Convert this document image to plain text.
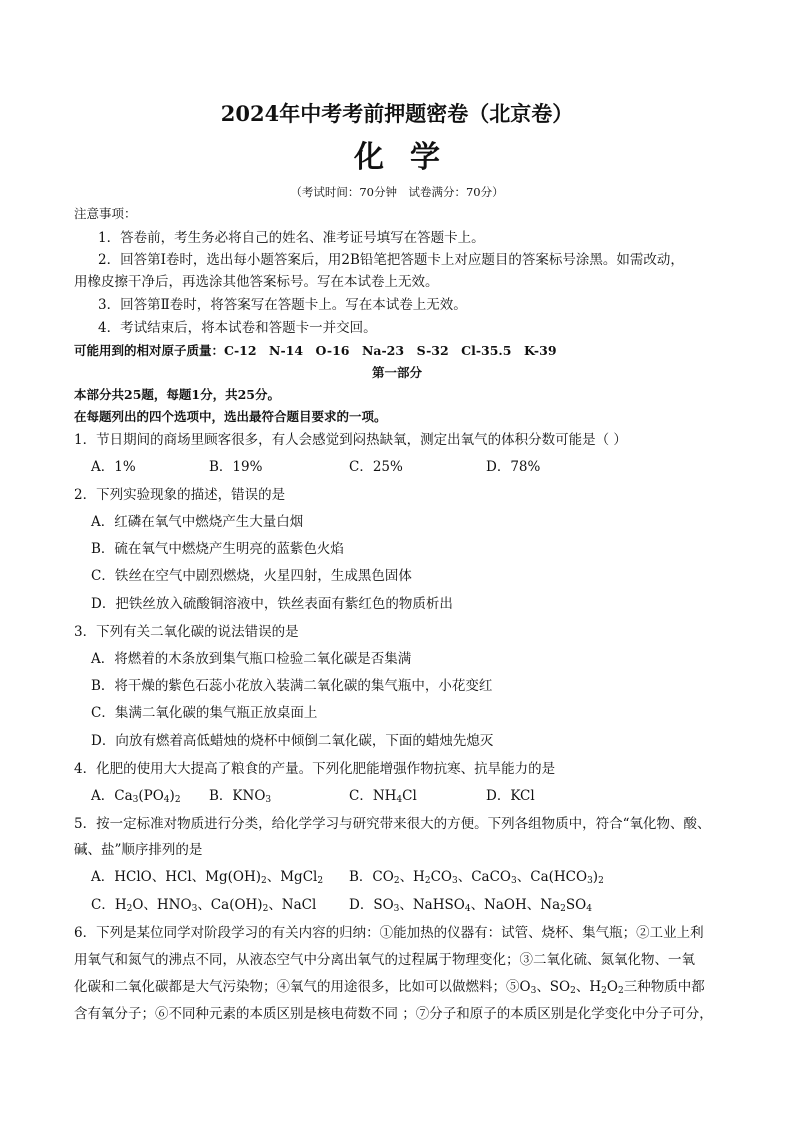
2024年中考考前押题密卷（北京卷）
化学
（考试时间：70分钟　试卷满分：70分）
注意事项：
1．答卷前，考生务必将自己的姓名、准考证号填写在答题卡上。
2．回答第Ⅰ卷时，选出每小题答案后，用2B铅笔把答题卡上对应题目的答案标号涂黑。如需改动，
用橡皮擦干净后，再选涂其他答案标号。写在本试卷上无效。
3．回答第Ⅱ卷时，将答案写在答题卡上。写在本试卷上无效。
4．考试结束后，将本试卷和答题卡一并交回。
可能用到的相对原子质量：C-12　N-14　O-16　Na-23　S-32　Cl-35.5　K-39
第一部分
本部分共25题，每题1分，共25分。
在每题列出的四个选项中，选出最符合题目要求的一项。
1．节日期间的商场里顾客很多，有人会感觉到闷热缺氧，测定出氧气的体积分数可能是（ ）
A．1%	B．19%	C．25%	D．78%
2．下列实验现象的描述，错误的是
A．红磷在氧气中燃烧产生大量白烟
B．硫在氧气中燃烧产生明亮的蓝紫色火焰
C．铁丝在空气中剧烈燃烧，火星四射，生成黑色固体
D．把铁丝放入硫酸铜溶液中，铁丝表面有紫红色的物质析出
3．下列有关二氧化碳的说法错误的是
A．将燃着的木条放到集气瓶口检验二氧化碳是否集满
B．将干燥的紫色石蕊小花放入装满二氧化碳的集气瓶中，小花变红
C．集满二氧化碳的集气瓶正放桌面上
D．向放有燃着高低蜡烛的烧杯中倾倒二氧化碳，下面的蜡烛先熄灭
4．化肥的使用大大提高了粮食的产量。下列化肥能增强作物抗寒、抗旱能力的是
A．$Ca_3(PO_4)_2$ B．$KNO_3$	C．$NH_4Cl$	D．KCl
5．按一定标准对物质进行分类，给化学学习与研究带来很大的方便。下列各组物质中，符合“氧化物、酸、
碱、盐”顺序排列的是
A．HClO、HCl、$Mg(OH)_2$、MgCl$_2$ B．$CO_2$、$H_2CO_3$、CaCO$_3$、$Ca(HCO_3)_2$
C．$H_2O$、$HNO_3$、$Ca(OH)_2$、NaCl D．$SO_3$、NaHSO$_4$、NaOH、$Na_2SO_4$
6．下列是某位同学对阶段学习的有关内容的归纳：①能加热的仪器有：试管、烧杯、集气瓶；②工业上利
用氧气和氮气的沸点不同，从液态空气中分离出氧气的过程属于物理变化；③二氧化硫、氮氧化物、一氧
化碳和二氧化碳都是大气污染物；④氧气的用途很多，比如可以做燃料；$⑤O_3$、$SO_2$、$H_2O_2$三种物质中都
含有氧分子；⑥不同种元素的本质区别是核电荷数不同 ；⑦分子和原子的本质区别是化学变化中分子可分，
